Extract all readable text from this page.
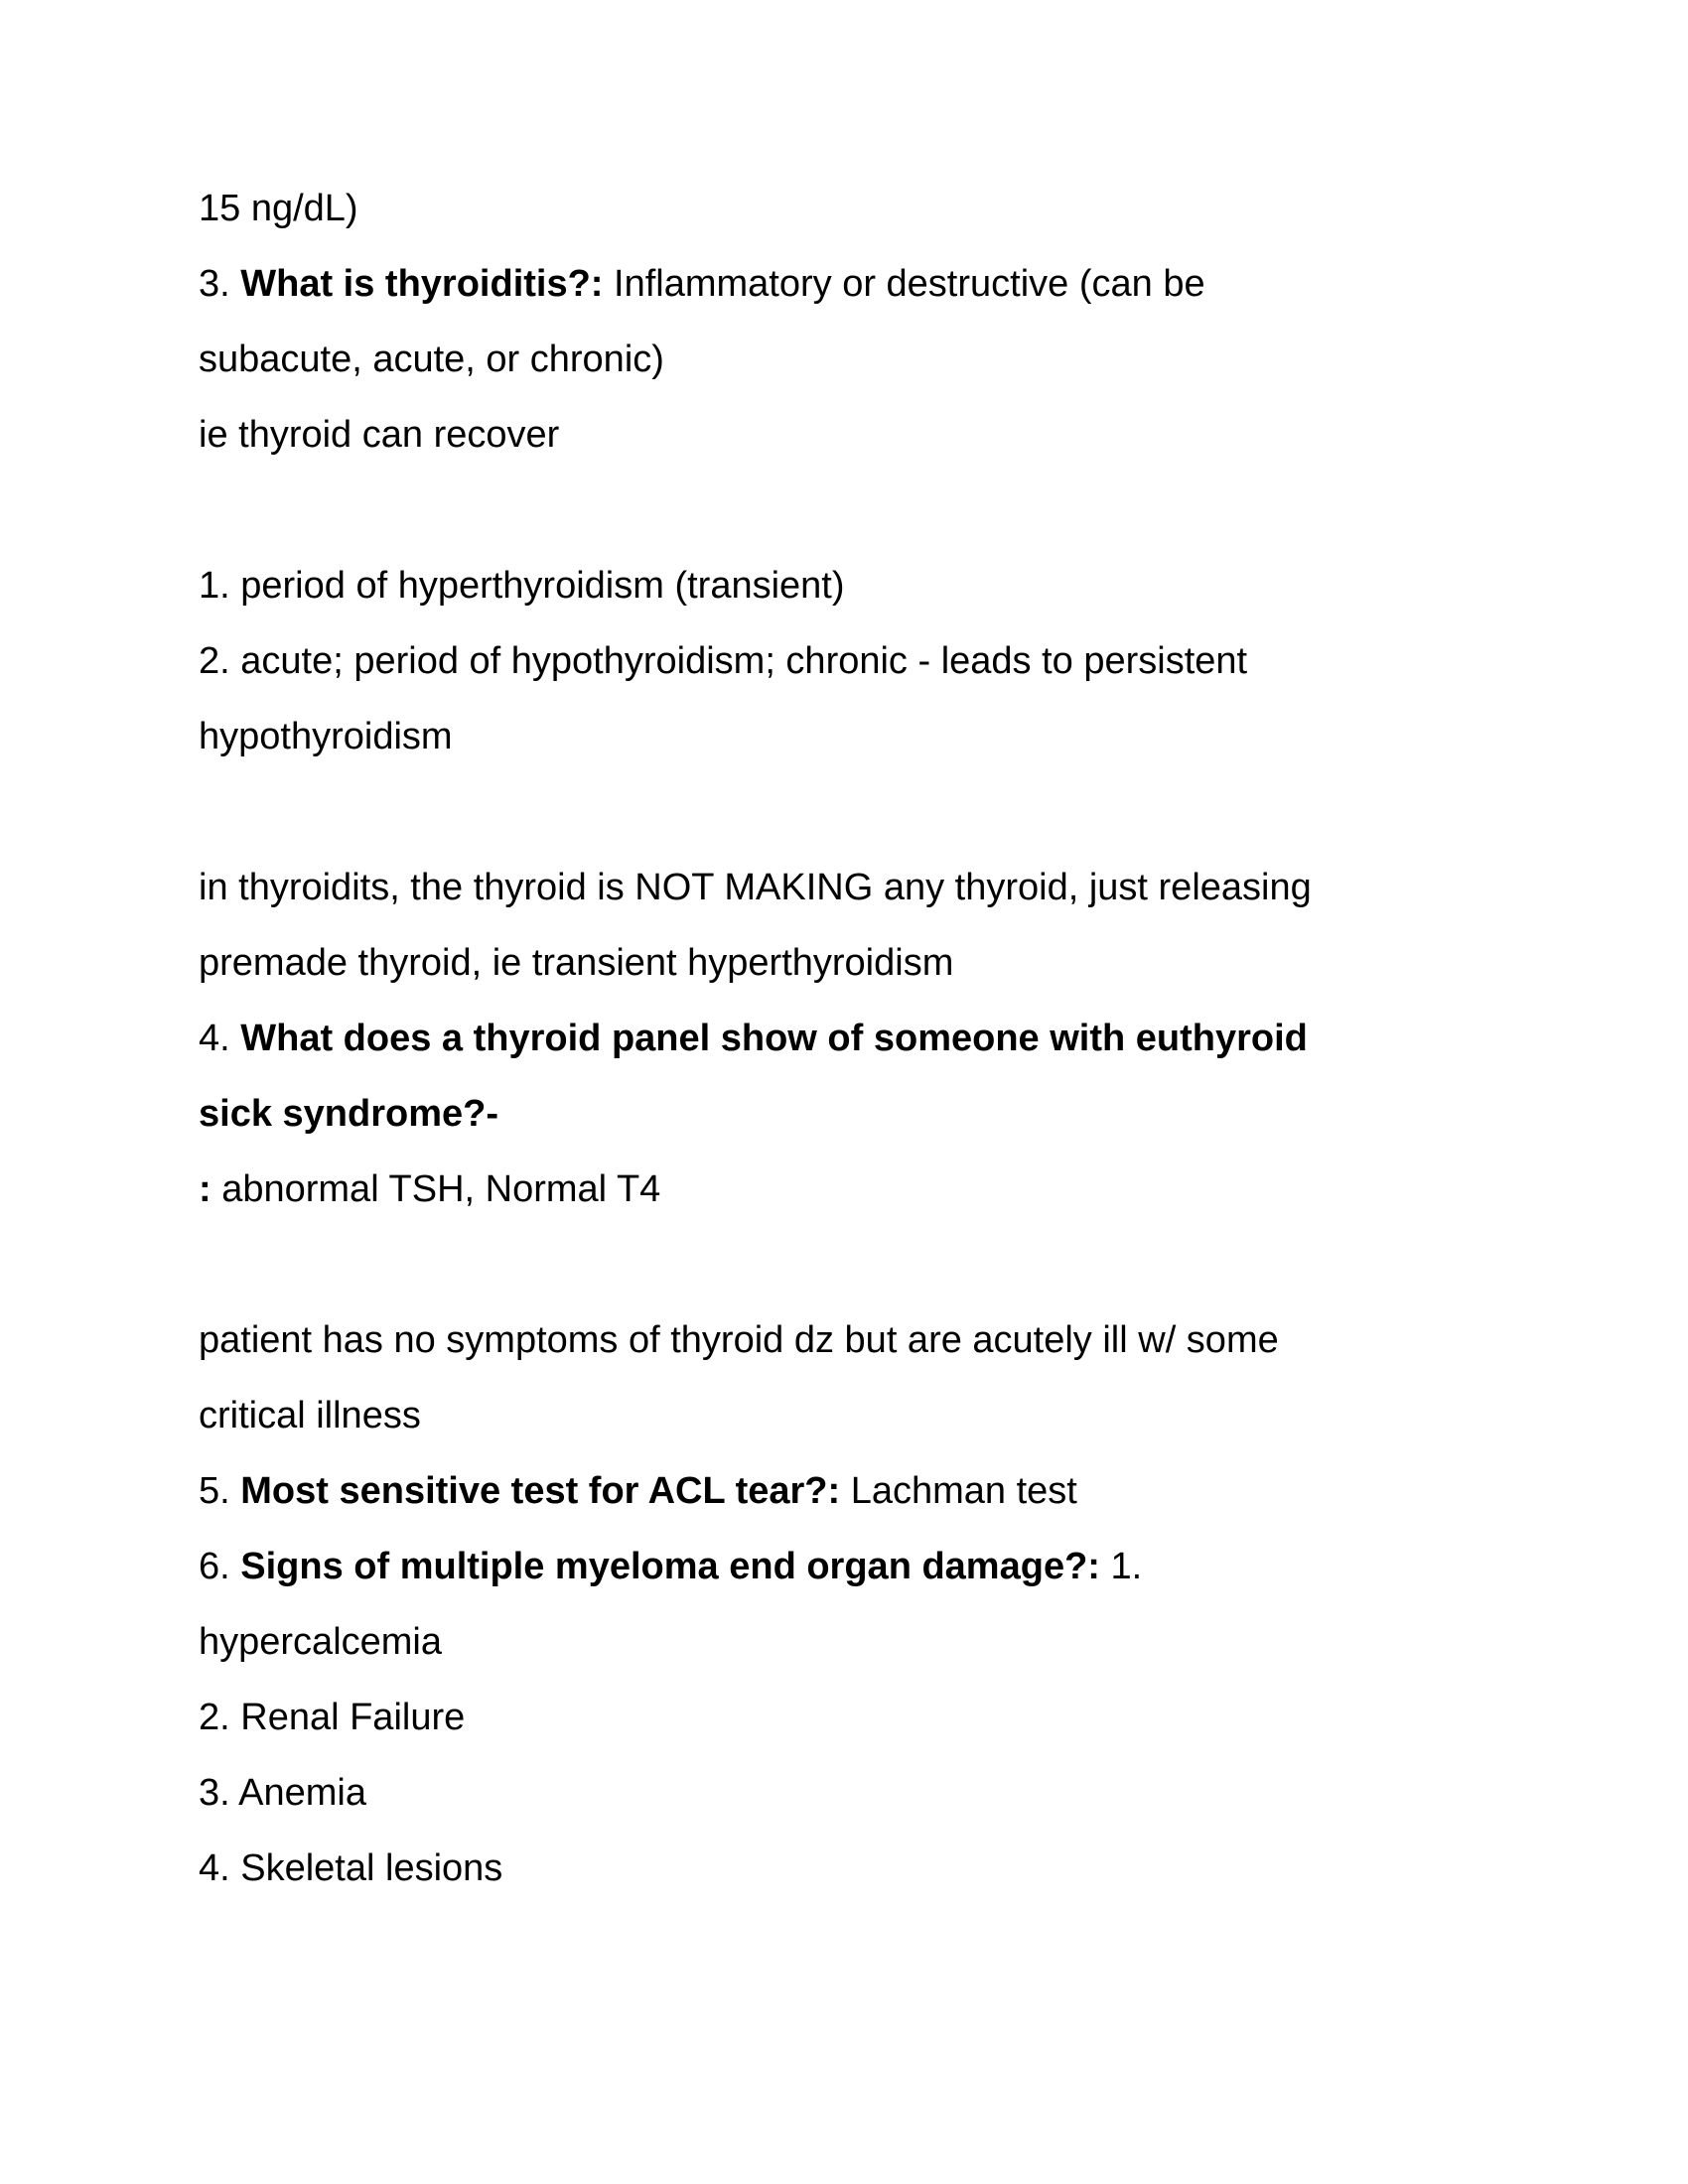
15 ng/dL)

3. What is thyroiditis?: Inflammatory or destructive (can be

subacute, acute, or chronic)

ie thyroid can recover

1. period of hyperthyroidism (transient)

2. acute; period of hypothyroidism; chronic - leads to persistent

hypothyroidism

in thyroidits, the thyroid is NOT MAKING any thyroid, just releasing

premade thyroid, ie transient hyperthyroidism

4. What does a thyroid panel show of someone with euthyroid

sick syndrome?-

: abnormal TSH, Normal T4

patient has no symptoms of thyroid dz but are acutely ill w/ some

critical illness

5. Most sensitive test for ACL tear?: Lachman test

6. Signs of multiple myeloma end organ damage?: 1.

hypercalcemia

2. Renal Failure

3. Anemia

4. Skeletal lesions
